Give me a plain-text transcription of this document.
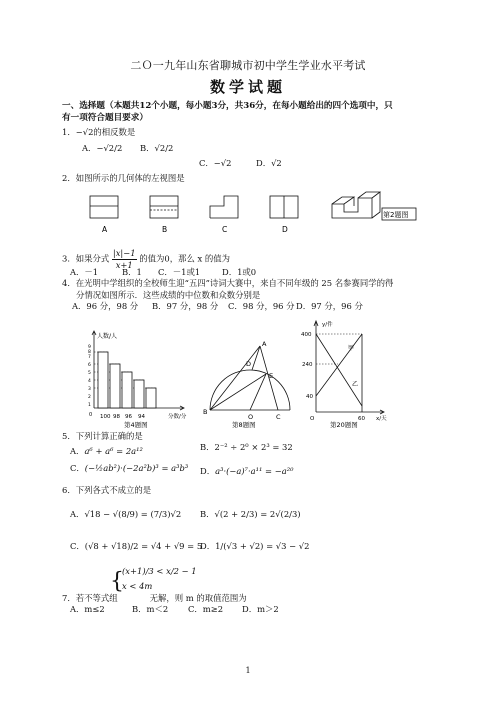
二Ｏ一九年山东省聊城市初中学生学业水平考试
数学试题
一、选择题（本题共12个小题，每小题3分，共36分，在每小题给出的四个选项中，只
有一项符合题目要求）
1．−√2的相反数是
A．−√2/2 B．√2/2
C．−√2	D．√2
2．如图所示的几何体的左视图是
A	B	C	D
第2题图
3．如果分式 $\frac{|x|-1}{x+1}$ 的值为0，那么 x 的值为
A．－1	B．1 C．－1或1	D．1或0
4．在光明中学组织的全校师生迎“五四”诗词大赛中，来自不同年级的 25 名参赛同学的得
分情况如图所示．这些成绩的中位数和众数分别是
A．96 分，98 分 B．97 分，98 分 C．98 分，96 分 D．97 分，96 分
人数/人
分数/分
100 98 96 94
0
1
2
3
4
5
6
7
8
9
第4题图
A
D
E
B
O	C
第8题图
y/件
x/天
400
240
40
O	60
甲
乙
第20题图
5．下列计算正确的是
A．a⁶ + a⁶ = 2a¹²	B．2⁻² ÷ 2⁰ × 2³ = 32
C．(−½ab²)·(−2a²b)³ = a³b³ D．a³·(−a)⁷·a¹¹ = −a²⁰
6．下列各式不成立的是
A．√18 − √(8/9) = (7/3)√2 B．√(2 + 2/3) = 2√(2/3)
C．(√8 + √18)/2 = √4 + √9 = 5
D．1/(√3 + √2) = √3 − √2
{
(x+1)/3 < x/2 − 1
x < 4m
7．若不等式组	无解，则 m 的取值范围为
A．m≤2	B．m＜2 C．m≥2 D．m＞2
1
